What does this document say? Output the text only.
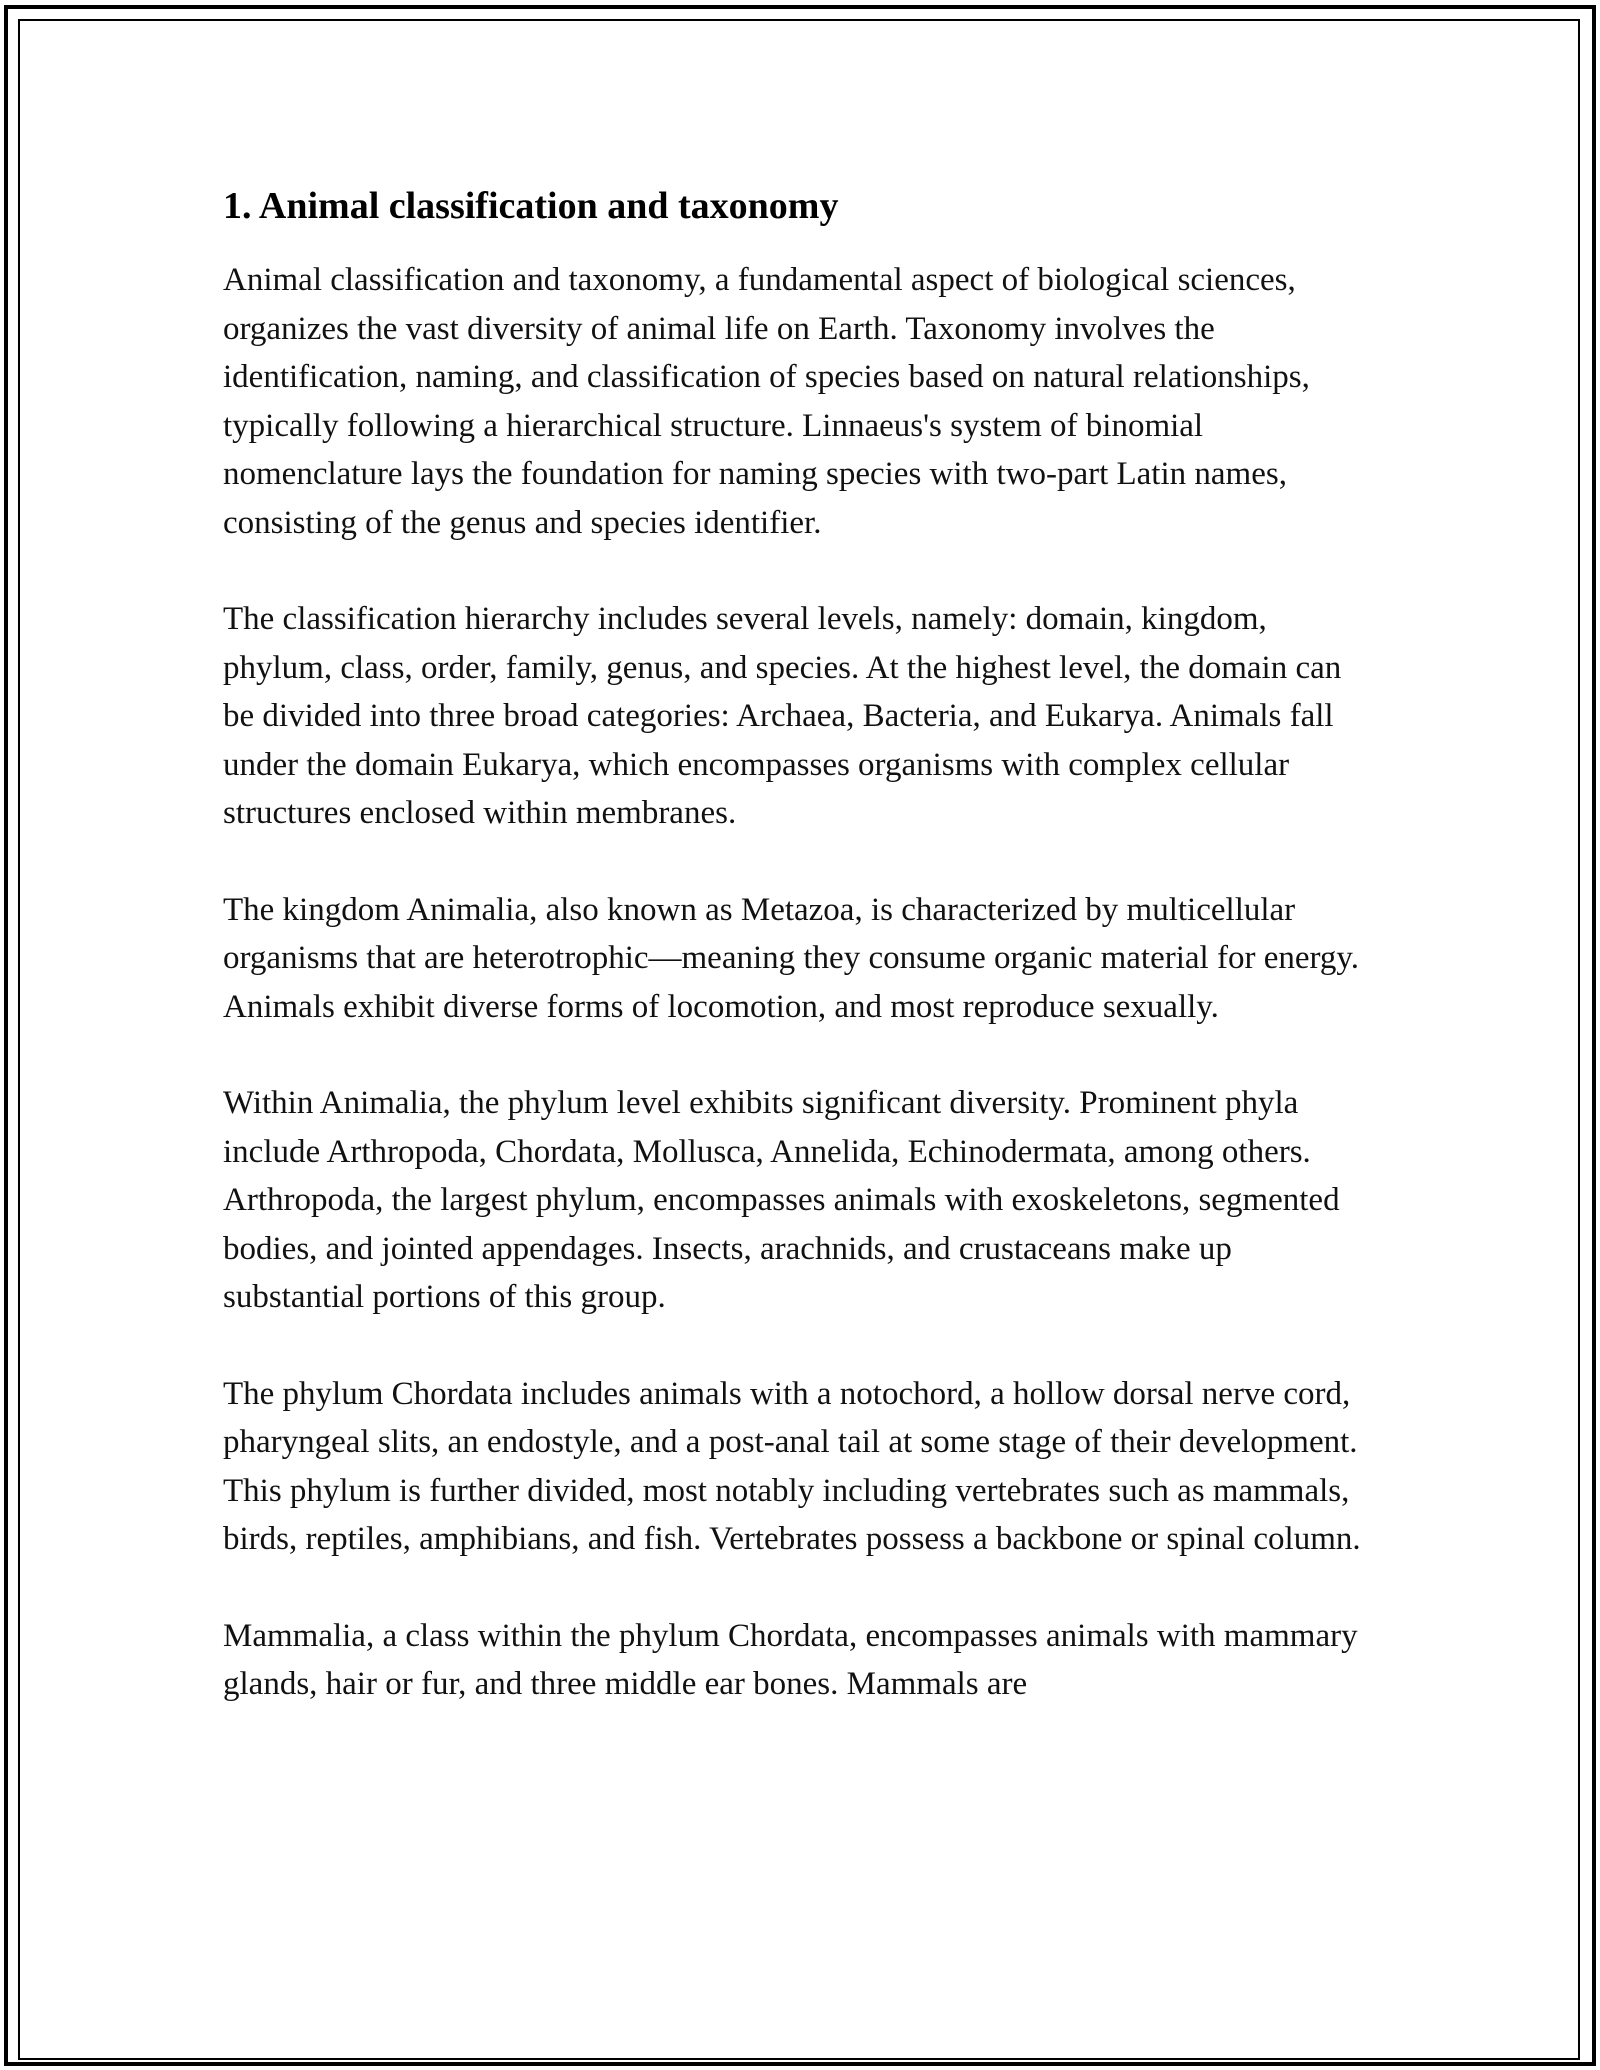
1. Animal classification and taxonomy

Animal classification and taxonomy, a fundamental aspect of biological sciences, organizes the vast diversity of animal life on Earth. Taxonomy involves the identification, naming, and classification of species based on natural relationships, typically following a hierarchical structure. Linnaeus's system of binomial nomenclature lays the foundation for naming species with two-part Latin names, consisting of the genus and species identifier.

The classification hierarchy includes several levels, namely: domain, kingdom, phylum, class, order, family, genus, and species. At the highest level, the domain can be divided into three broad categories: Archaea, Bacteria, and Eukarya. Animals fall under the domain Eukarya, which encompasses organisms with complex cellular structures enclosed within membranes.

The kingdom Animalia, also known as Metazoa, is characterized by multicellular organisms that are heterotrophic—meaning they consume organic material for energy. Animals exhibit diverse forms of locomotion, and most reproduce sexually.

Within Animalia, the phylum level exhibits significant diversity. Prominent phyla include Arthropoda, Chordata, Mollusca, Annelida, Echinodermata, among others. Arthropoda, the largest phylum, encompasses animals with exoskeletons, segmented bodies, and jointed appendages. Insects, arachnids, and crustaceans make up substantial portions of this group.

The phylum Chordata includes animals with a notochord, a hollow dorsal nerve cord, pharyngeal slits, an endostyle, and a post-anal tail at some stage of their development. This phylum is further divided, most notably including vertebrates such as mammals, birds, reptiles, amphibians, and fish. Vertebrates possess a backbone or spinal column.

Mammalia, a class within the phylum Chordata, encompasses animals with mammary glands, hair or fur, and three middle ear bones. Mammals are
